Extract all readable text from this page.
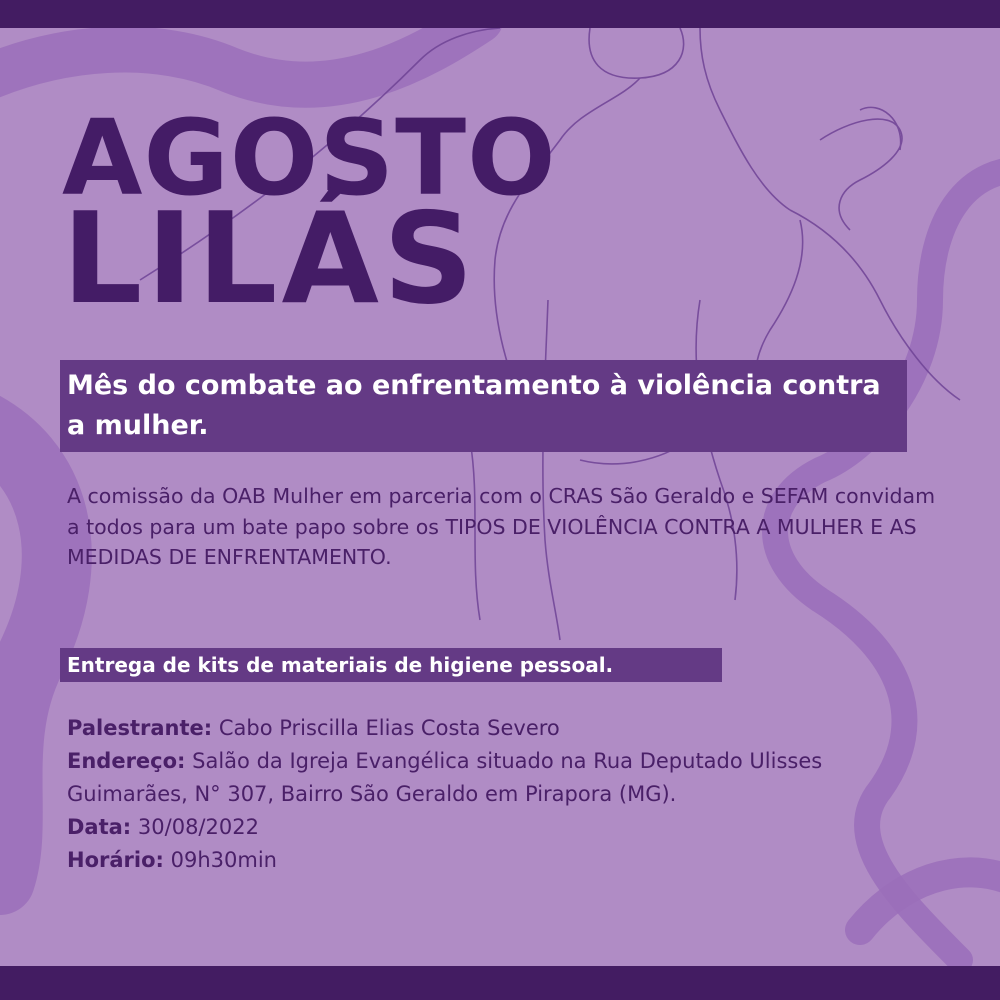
AGOSTO
LILÁS

Mês do combate ao enfrentamento à violência contra a mulher.

A comissão da OAB Mulher em parceria com o CRAS São Geraldo e SEFAM convidam a todos para um bate papo sobre os TIPOS DE VIOLÊNCIA CONTRA A MULHER E AS MEDIDAS DE ENFRENTAMENTO.

Entrega de kits de materiais de higiene pessoal.

Palestrante: Cabo Priscilla Elias Costa Severo
Endereço: Salão da Igreja Evangélica situado na Rua Deputado Ulisses Guimarães, N° 307, Bairro São Geraldo em Pirapora (MG).
Data: 30/08/2022
Horário: 09h30min
